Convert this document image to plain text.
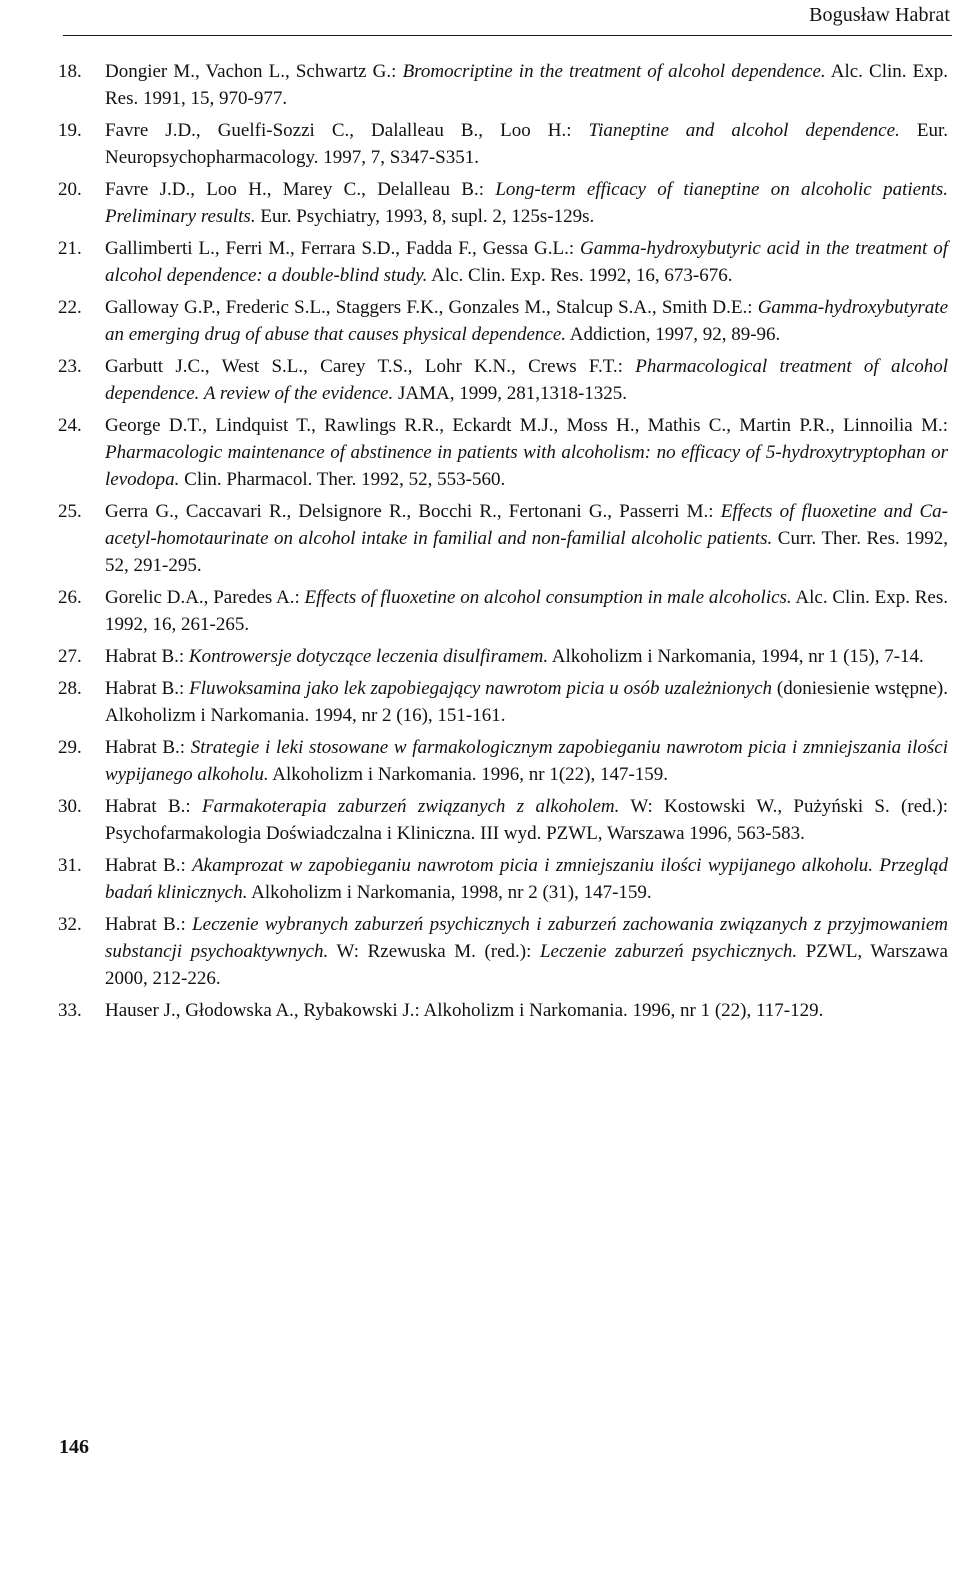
Bogusław Habrat
18.	Dongier M., Vachon L., Schwartz G.: Bromocriptine in the treatment of alcohol dependence. Alc. Clin. Exp. Res. 1991, 15, 970-977.
19.	Favre J.D., Guelfi-Sozzi C., Dalalleau B., Loo H.: Tianeptine and alcohol dependence. Eur. Neuropsychopharmacology. 1997, 7, S347-S351.
20.	Favre J.D., Loo H., Marey C., Delalleau B.: Long-term efficacy of tianeptine on alcoholic patients. Preliminary results. Eur. Psychiatry, 1993, 8, supl. 2, 125s-129s.
21.	Gallimberti L., Ferri M., Ferrara S.D., Fadda F., Gessa G.L.: Gamma-hydroxybutyric acid in the treatment of alcohol dependence: a double-blind study. Alc. Clin. Exp. Res. 1992, 16, 673-676.
22.	Galloway G.P., Frederic S.L., Staggers F.K., Gonzales M., Stalcup S.A., Smith D.E.: Gamma-hydroxybutyrate an emerging drug of abuse that causes physical dependence. Addiction, 1997, 92, 89-96.
23.	Garbutt J.C., West S.L., Carey T.S., Lohr K.N., Crews F.T.: Pharmacological treatment of alcohol dependence. A review of the evidence. JAMA, 1999, 281,1318-1325.
24.	George D.T., Lindquist T., Rawlings R.R., Eckardt M.J., Moss H., Mathis C., Martin P.R., Linnoilia M.: Pharmacologic maintenance of abstinence in patients with alcoholism: no efficacy of 5-hydroxytryptophan or levodopa. Clin. Pharmacol. Ther. 1992, 52, 553-560.
25.	Gerra G., Caccavari R., Delsignore R., Bocchi R., Fertonani G., Passerri M.: Effects of fluoxetine and Ca-acetyl-homotaurinate on alcohol intake in familial and non-familial alcoholic patients. Curr. Ther. Res. 1992, 52, 291-295.
26.	Gorelic D.A., Paredes A.: Effects of fluoxetine on alcohol consumption in male alcoholics. Alc. Clin. Exp. Res. 1992, 16, 261-265.
27.	Habrat B.: Kontrowersje dotyczące leczenia disulfiramem. Alkoholizm i Narkomania, 1994, nr 1 (15), 7-14.
28.	Habrat B.: Fluwoksamina jako lek zapobiegający nawrotom picia u osób uzależnionych (doniesienie wstępne). Alkoholizm i Narkomania. 1994, nr 2 (16), 151-161.
29.	Habrat B.: Strategie i leki stosowane w farmakologicznym zapobieganiu nawrotom picia i zmniejszania ilości wypijanego alkoholu. Alkoholizm i Narkomania. 1996, nr 1(22), 147-159.
30.	Habrat B.: Farmakoterapia zaburzeń związanych z alkoholem. W: Kostowski W., Pużyński S. (red.): Psychofarmakologia Doświadczalna i Kliniczna. III wyd. PZWL, Warszawa 1996, 563-583.
31.	Habrat B.: Akamprozat w zapobieganiu nawrotom picia i zmniejszaniu ilości wypijanego alkoholu. Przegląd badań klinicznych. Alkoholizm i Narkomania, 1998, nr 2 (31), 147-159.
32.	Habrat B.: Leczenie wybranych zaburzeń psychicznych i zaburzeń zachowania związanych z przyjmowaniem substancji psychoaktywnych. W: Rzewuska M. (red.): Leczenie zaburzeń psychicznych. PZWL, Warszawa 2000, 212-226.
33.	Hauser J., Głodowska A., Rybakowski J.: Alkoholizm i Narkomania. 1996, nr 1 (22), 117-129.
146
